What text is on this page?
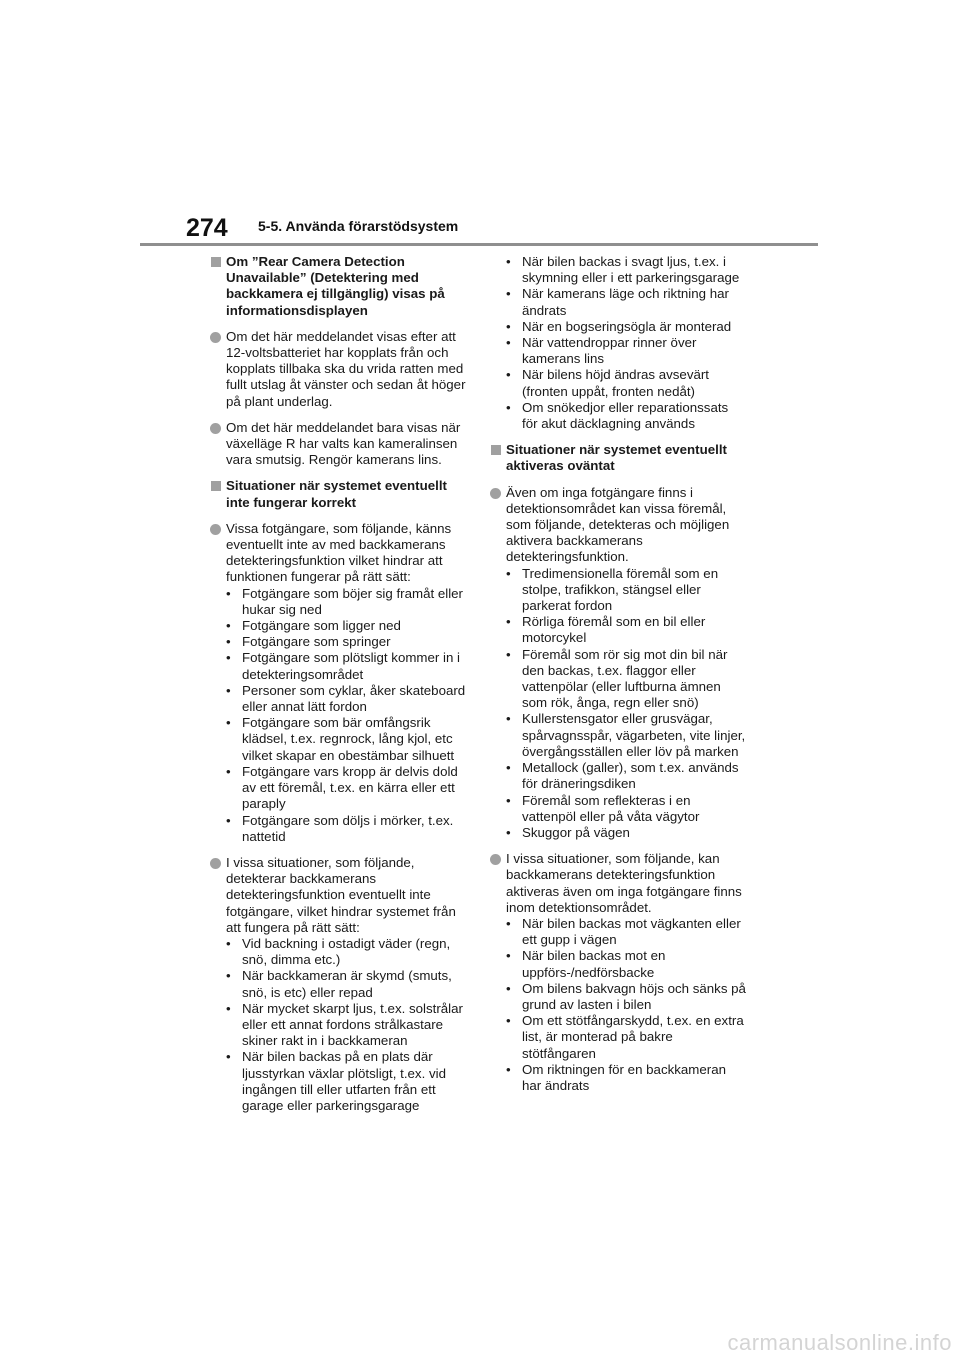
274 5-5. Använda förarstödsystem
Om ”Rear Camera Detection Unavailable” (Detektering med backkamera ej tillgänglig) visas på informationsdisplayen
Om det här meddelandet visas efter att 12-voltsbatteriet har kopplats från och kopplats tillbaka ska du vrida ratten med fullt utslag åt vänster och sedan åt höger på plant underlag.
Om det här meddelandet bara visas när växelläge R har valts kan kameralinsen vara smutsig. Rengör kamerans lins.
Situationer när systemet eventuellt inte fungerar korrekt
Vissa fotgängare, som följande, känns eventuellt inte av med backkamerans detekteringsfunktion vilket hindrar att funktionen fungerar på rätt sätt:
• Fotgängare som böjer sig framåt eller hukar sig ned
• Fotgängare som ligger ned
• Fotgängare som springer
• Fotgängare som plötsligt kommer in i detekteringsområdet
• Personer som cyklar, åker skateboard eller annat lätt fordon
• Fotgängare som bär omfångsrik klädsel, t.ex. regnrock, lång kjol, etc vilket skapar en obestämbar silhuett
• Fotgängare vars kropp är delvis dold av ett föremål, t.ex. en kärra eller ett paraply
• Fotgängare som döljs i mörker, t.ex. nattetid
I vissa situationer, som följande, detekterar backkamerans detekteringsfunktion eventuellt inte fotgängare, vilket hindrar systemet från att fungera på rätt sätt:
• Vid backning i ostadigt väder (regn, snö, dimma etc.)
• När backkameran är skymd (smuts, snö, is etc) eller repad
• När mycket skarpt ljus, t.ex. solstrålar eller ett annat fordons strålkastare skiner rakt in i backkameran
• När bilen backas på en plats där ljusstyrkan växlar plötsligt, t.ex. vid ingången till eller utfarten från ett garage eller parkeringsgarage
• När bilen backas i svagt ljus, t.ex. i skymning eller i ett parkeringsgarage
• När kamerans läge och riktning har ändrats
• När en bogseringsögla är monterad
• När vattendroppar rinner över kamerans lins
• När bilens höjd ändras avsevärt (fronten uppåt, fronten nedåt)
• Om snökedjor eller reparationssats för akut däcklagning används
Situationer när systemet eventuellt aktiveras oväntat
Även om inga fotgängare finns i detektionsområdet kan vissa föremål, som följande, detekteras och möjligen aktivera backkamerans detekteringsfunktion.
• Tredimensionella föremål som en stolpe, trafikkon, stängsel eller parkerat fordon
• Rörliga föremål som en bil eller motorcykel
• Föremål som rör sig mot din bil när den backas, t.ex. flaggor eller vattenpölar (eller luftburna ämnen som rök, ånga, regn eller snö)
• Kullerstensgator eller grusvägar, spårvagnsspår, vägarbeten, vite linjer, övergångsställen eller löv på marken
• Metallock (galler), som t.ex. används för dräneringsdiken
• Föremål som reflekteras i en vattenpöl eller på våta vägytor
• Skuggor på vägen
I vissa situationer, som följande, kan backkamerans detekteringsfunktion aktiveras även om inga fotgängare finns inom detektionsområdet.
• När bilen backas mot vägkanten eller ett gupp i vägen
• När bilen backas mot en uppförs-/nedförsbacke
• Om bilens bakvagn höjs och sänks på grund av lasten i bilen
• Om ett stötfångarskydd, t.ex. en extra list, är monterad på bakre stötfångaren
• Om riktningen för en backkameran har ändrats
carmanualsonline.info
